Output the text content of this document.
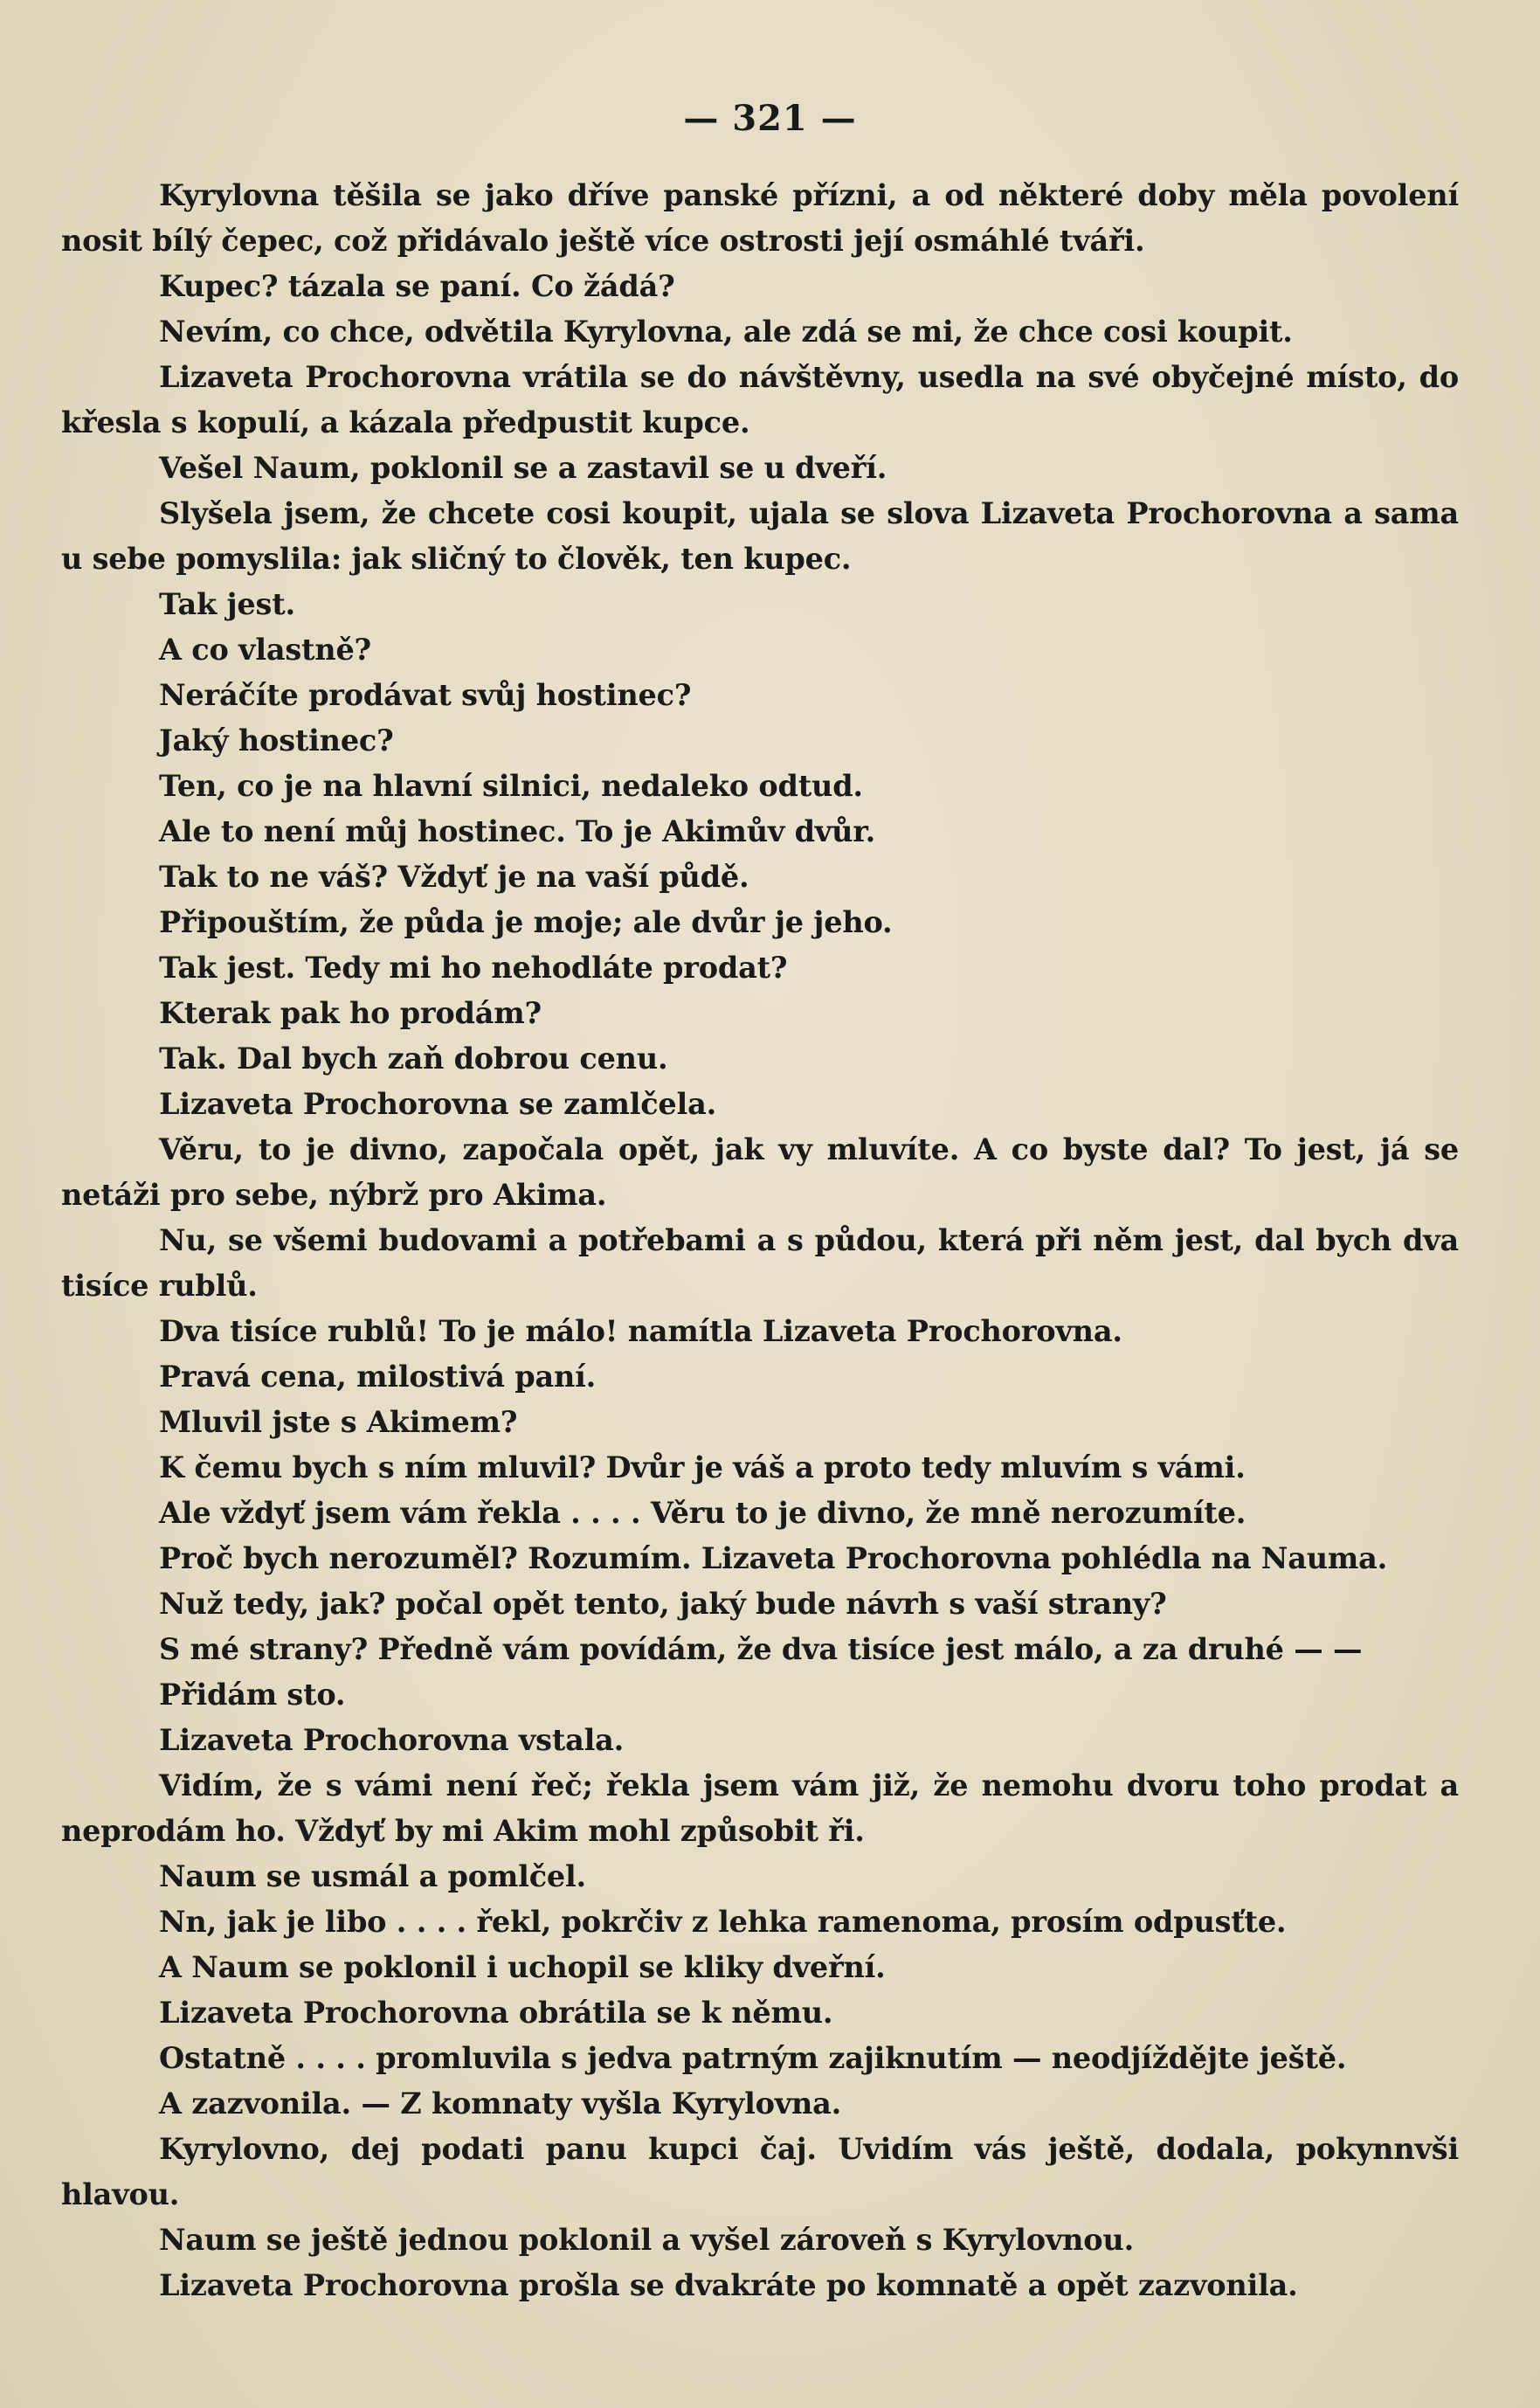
— 321 —

Kyrylovna těšila se jako dříve panské přízni, a od některé doby měla povolení nosit bílý čepec, což přidávalo ještě více ostrosti její osmáhlé tváři.

Kupec? tázala se paní. Co žádá?

Nevím, co chce, odvětila Kyrylovna, ale zdá se mi, že chce cosi koupit.

Lizaveta Prochorovna vrátila se do návštěvny, usedla na své obyčejné místo, do křesla s kopulí, a kázala předpustit kupce.

Vešel Naum, poklonil se a zastavil se u dveří.

Slyšela jsem, že chcete cosi koupit, ujala se slova Lizaveta Prochorovna a sama u sebe pomyslila: jak sličný to člověk, ten kupec.

Tak jest.

A co vlastně?

Neráčíte prodávat svůj hostinec?

Jaký hostinec?

Ten, co je na hlavní silnici, nedaleko odtud.

Ale to není můj hostinec. To je Akimův dvůr.

Tak to ne váš? Vždyť je na vaší půdě.

Připouštím, že půda je moje; ale dvůr je jeho.

Tak jest. Tedy mi ho nehodláte prodat?

Kterak pak ho prodám?

Tak. Dal bych zaň dobrou cenu.

Lizaveta Prochorovna se zamlčela.

Věru, to je divno, započala opět, jak vy mluvíte. A co byste dal? To jest, já se netáži pro sebe, nýbrž pro Akima.

Nu, se všemi budovami a potřebami a s půdou, která při něm jest, dal bych dva tisíce rublů.

Dva tisíce rublů! To je málo! namítla Lizaveta Prochorovna.

Pravá cena, milostivá paní.

Mluvil jste s Akimem?

K čemu bych s ním mluvil? Dvůr je váš a proto tedy mluvím s vámi.

Ale vždyť jsem vám řekla . . . . Věru to je divno, že mně nerozumíte.

Proč bych nerozuměl? Rozumím. Lizaveta Prochorovna pohlédla na Nauma.

Nuž tedy, jak? počal opět tento, jaký bude návrh s vaší strany?

S mé strany? Předně vám povídám, že dva tisíce jest málo, a za druhé — —

Přidám sto.

Lizaveta Prochorovna vstala.

Vidím, že s vámi není řeč; řekla jsem vám již, že nemohu dvoru toho prodat a neprodám ho. Vždyť by mi Akim mohl způsobit ři.

Naum se usmál a pomlčel.

Nn, jak je libo . . . . řekl, pokrčiv z lehka ramenoma, prosím odpusťte.

A Naum se poklonil i uchopil se kliky dveřní.

Lizaveta Prochorovna obrátila se k němu.

Ostatně . . . . promluvila s jedva patrným zajiknutím — neodjíždějte ještě.

A zazvonila. — Z komnaty vyšla Kyrylovna.

Kyrylovno, dej podati panu kupci čaj. Uvidím vás ještě, dodala, pokynnvši hlavou.

Naum se ještě jednou poklonil a vyšel zároveň s Kyrylovnou.

Lizaveta Prochorovna prošla se dvakráte po komnatě a opět zazvonila.
